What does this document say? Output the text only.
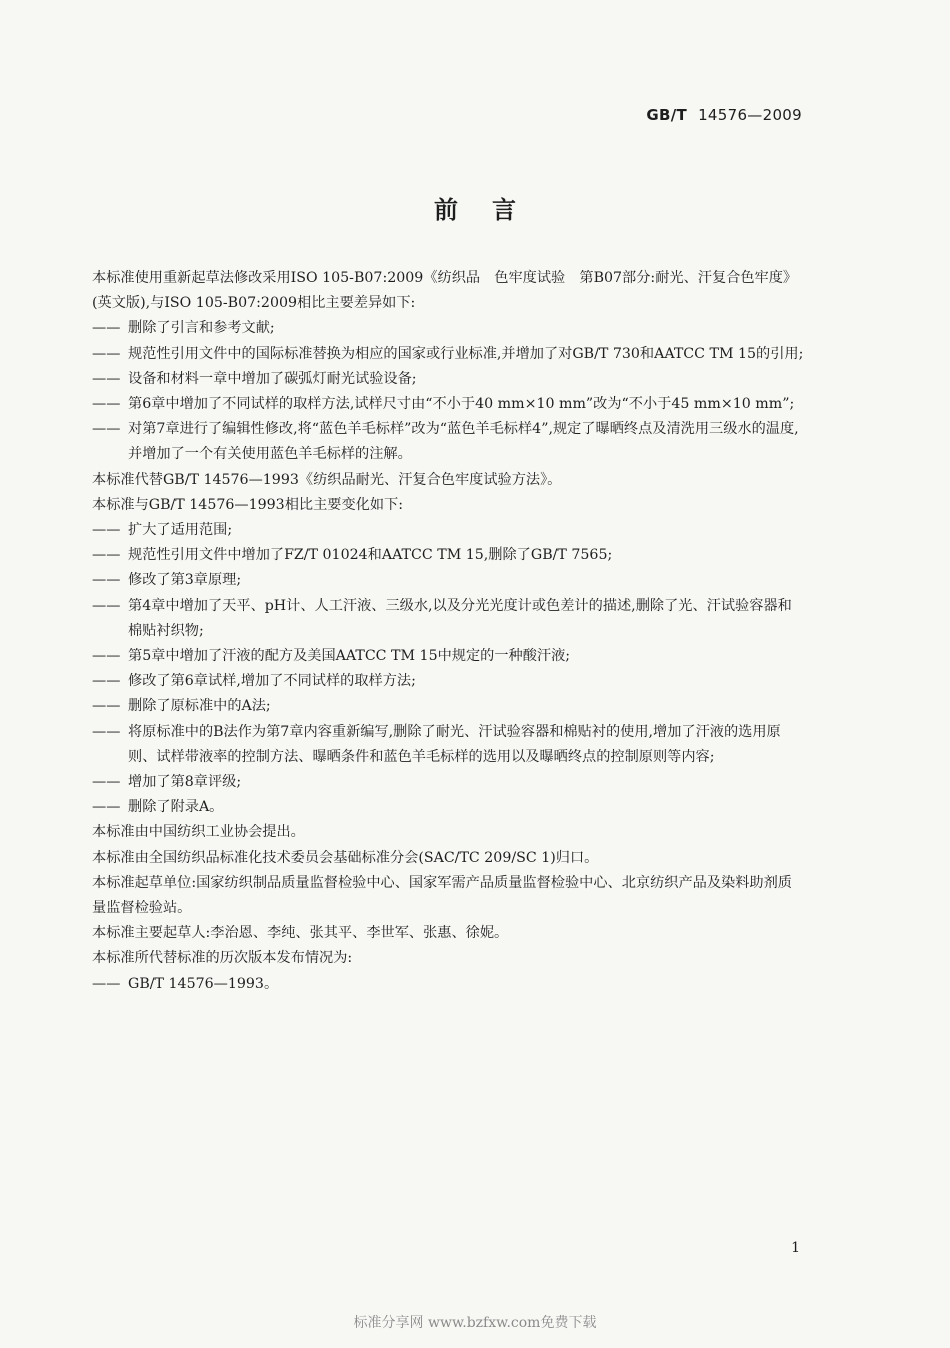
GB/T 14576—2009
前言
本标准使用重新起草法修改采用ISO 105-B07:2009《纺织品　色牢度试验　第B07部分:耐光、汗复合色牢度》(英文版),与ISO 105-B07:2009相比主要差异如下:
—— 删除了引言和参考文献;
—— 规范性引用文件中的国际标准替换为相应的国家或行业标准,并增加了对GB/T 730和AATCC TM 15的引用;
—— 设备和材料一章中增加了碳弧灯耐光试验设备;
—— 第6章中增加了不同试样的取样方法,试样尺寸由“不小于40 mm×10 mm”改为“不小于45 mm×10 mm”;
—— 对第7章进行了编辑性修改,将“蓝色羊毛标样”改为“蓝色羊毛标样4”,规定了曝晒终点及清洗用三级水的温度,并增加了一个有关使用蓝色羊毛标样的注解。
本标准代替GB/T 14576—1993《纺织品耐光、汗复合色牢度试验方法》。
本标准与GB/T 14576—1993相比主要变化如下:
—— 扩大了适用范围;
—— 规范性引用文件中增加了FZ/T 01024和AATCC TM 15,删除了GB/T 7565;
—— 修改了第3章原理;
—— 第4章中增加了天平、pH计、人工汗液、三级水,以及分光光度计或色差计的描述,删除了光、汗试验容器和棉贴衬织物;
—— 第5章中增加了汗液的配方及美国AATCC TM 15中规定的一种酸汗液;
—— 修改了第6章试样,增加了不同试样的取样方法;
—— 删除了原标准中的A法;
—— 将原标准中的B法作为第7章内容重新编写,删除了耐光、汗试验容器和棉贴衬的使用,增加了汗液的选用原则、试样带液率的控制方法、曝晒条件和蓝色羊毛标样的选用以及曝晒终点的控制原则等内容;
—— 增加了第8章评级;
—— 删除了附录A。
本标准由中国纺织工业协会提出。
本标准由全国纺织品标准化技术委员会基础标准分会(SAC/TC 209/SC 1)归口。
本标准起草单位:国家纺织制品质量监督检验中心、国家军需产品质量监督检验中心、北京纺织产品及染料助剂质量监督检验站。
本标准主要起草人:李治恩、李纯、张其平、李世军、张惠、徐妮。
本标准所代替标准的历次版本发布情况为:
—— GB/T 14576—1993。
1
标准分享网 www.bzfxw.com免费下载
